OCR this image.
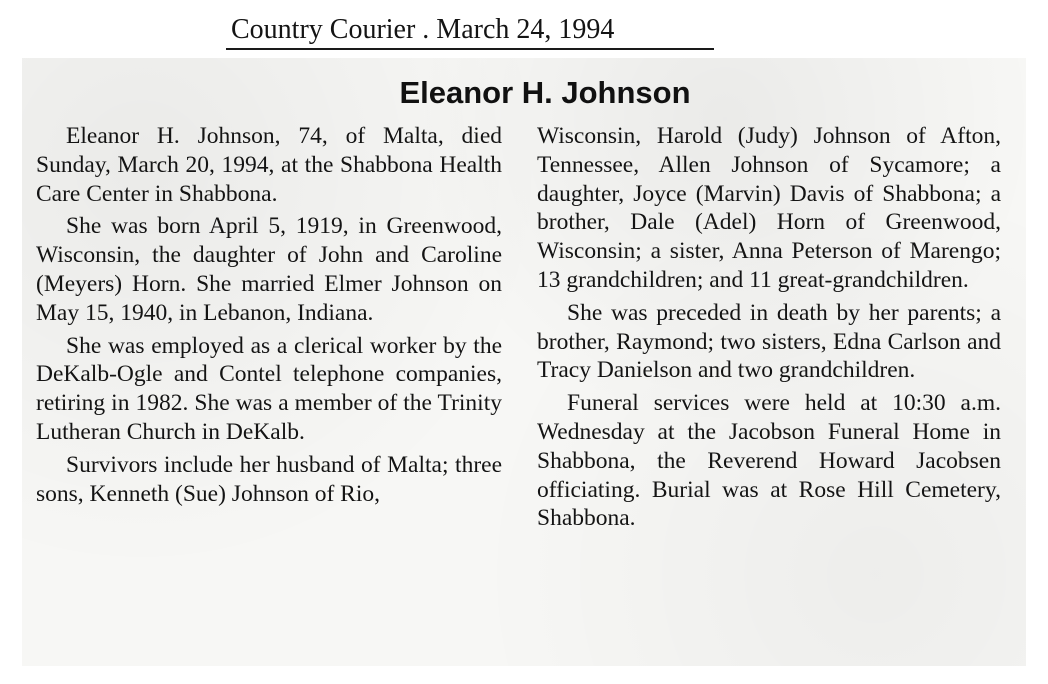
Country Courier . March 24, 1994
Eleanor H. Johnson

Eleanor H. Johnson, 74, of Malta, died Sunday, March 20, 1994, at the Shabbona Health Care Center in Shabbona.

She was born April 5, 1919, in Greenwood, Wisconsin, the daughter of John and Caroline (Meyers) Horn. She married Elmer Johnson on May 15, 1940, in Lebanon, Indiana.

She was employed as a clerical worker by the DeKalb-Ogle and Contel telephone companies, retiring in 1982. She was a member of the Trinity Lutheran Church in DeKalb.

Survivors include her husband of Malta; three sons, Kenneth (Sue) Johnson of Rio,

Wisconsin, Harold (Judy) Johnson of Afton, Tennessee, Allen Johnson of Sycamore; a daughter, Joyce (Marvin) Davis of Shabbona; a brother, Dale (Adel) Horn of Greenwood, Wisconsin; a sister, Anna Peterson of Marengo; 13 grandchildren; and 11 great-grandchildren.

She was preceded in death by her parents; a brother, Raymond; two sisters, Edna Carlson and Tracy Danielson and two grandchildren.

Funeral services were held at 10:30 a.m. Wednesday at the Jacobson Funeral Home in Shabbona, the Reverend Howard Jacobsen officiating. Burial was at Rose Hill Cemetery, Shabbona.
